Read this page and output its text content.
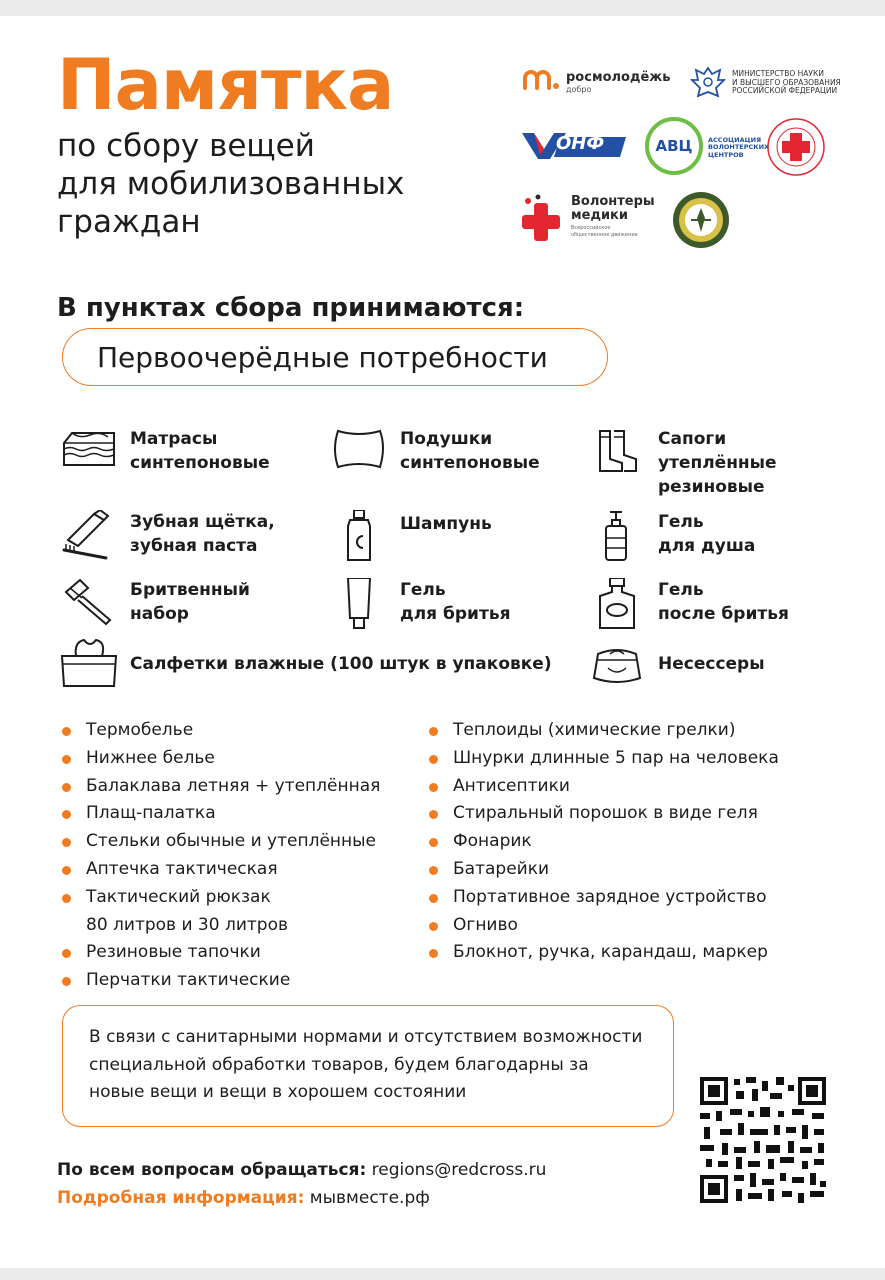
Памятка
по сбору вещей
для мобилизованных
граждан
росмолодёжь
добро
МИНИСТЕРСТВО НАУКИ
И ВЫСШЕГО ОБРАЗОВАНИЯ
РОССИЙСКОЙ ФЕДЕРАЦИИ
ОНФ	АВЦ АССОЦИАЦИЯ
ВОЛОНТЕРСКИХ
ЦЕНТРОВ
Волонтеры
медики
Всероссийское
общественное движение
В пунктах сбора принимаются:
Первоочерёдные потребности
Матрасы
синтепоновые
Подушки
синтепоновые
Сапоги
утеплённые
резиновые
Зубная щётка,
зубная паста
Шампунь	Гель
для душа
Бритвенный
набор
Гель
для бритья
Гель
после бритья
Салфетки влажные (100 штук в упаковке)	Несессеры
Термобелье
Нижнее белье
Балаклава летняя + утеплённая
Плащ-палатка
Стельки обычные и утеплённые
Аптечка тактическая
Тактический рюкзак
80 литров и 30 литров
Резиновые тапочки
Перчатки тактические
Теплоиды (химические грелки)
Шнурки длинные 5 пар на человека
Антисептики
Стиральный порошок в виде геля
Фонарик
Батарейки
Портативное зарядное устройство
Огниво
Блокнот, ручка, карандаш, маркер
В связи с санитарными нормами и отсутствием возможности специальной обработки товаров, будем благодарны за новые вещи и вещи в хорошем состоянии
По всем вопросам обращаться: regions@redcross.ru
Подробная информация: мывместе.рф
